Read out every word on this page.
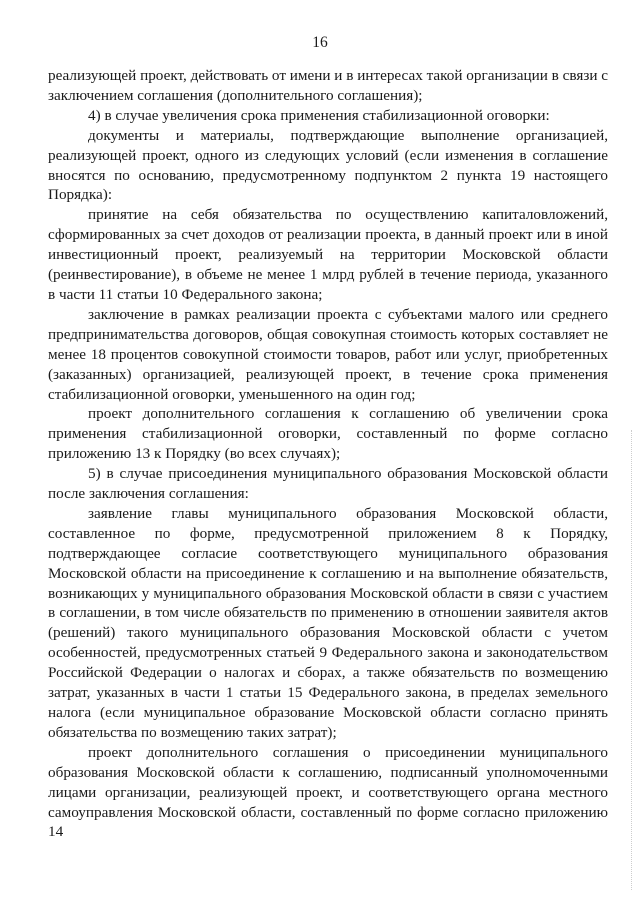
16

реализующей проект, действовать от имени и в интересах такой организации в связи с заключением соглашения (дополнительного соглашения);

4) в случае увеличения срока применения стабилизационной оговорки:

документы и материалы, подтверждающие выполнение организацией, реализующей проект, одного из следующих условий (если изменения в соглашение вносятся по основанию, предусмотренному подпунктом 2 пункта 19 настоящего Порядка):

принятие на себя обязательства по осуществлению капиталовложений, сформированных за счет доходов от реализации проекта, в данный проект или в иной инвестиционный проект, реализуемый на территории Московской области (реинвестирование), в объеме не менее 1 млрд рублей в течение периода, указанного в части 11 статьи 10 Федерального закона;

заключение в рамках реализации проекта с субъектами малого или среднего предпринимательства договоров, общая совокупная стоимость которых составляет не менее 18 процентов совокупной стоимости товаров, работ или услуг, приобретенных (заказанных) организацией, реализующей проект, в течение срока применения стабилизационной оговорки, уменьшенного на один год;

проект дополнительного соглашения к соглашению об увеличении срока применения стабилизационной оговорки, составленный по форме согласно приложению 13 к Порядку (во всех случаях);

5) в случае присоединения муниципального образования Московской области после заключения соглашения:

заявление главы муниципального образования Московской области, составленное по форме, предусмотренной приложением 8 к Порядку, подтверждающее согласие соответствующего муниципального образования Московской области на присоединение к соглашению и на выполнение обязательств, возникающих у муниципального образования Московской области в связи с участием в соглашении, в том числе обязательств по применению в отношении заявителя актов (решений) такого муниципального образования Московской области с учетом особенностей, предусмотренных статьей 9 Федерального закона и законодательством Российской Федерации о налогах и сборах, а также обязательств по возмещению затрат, указанных в части 1 статьи 15 Федерального закона, в пределах земельного налога (если муниципальное образование Московской области согласно принять обязательства по возмещению таких затрат);

проект дополнительного соглашения о присоединении муниципального образования Московской области к соглашению, подписанный уполномоченными лицами организации, реализующей проект, и соответствующего органа местного самоуправления Московской области, составленный по форме согласно приложению 14
